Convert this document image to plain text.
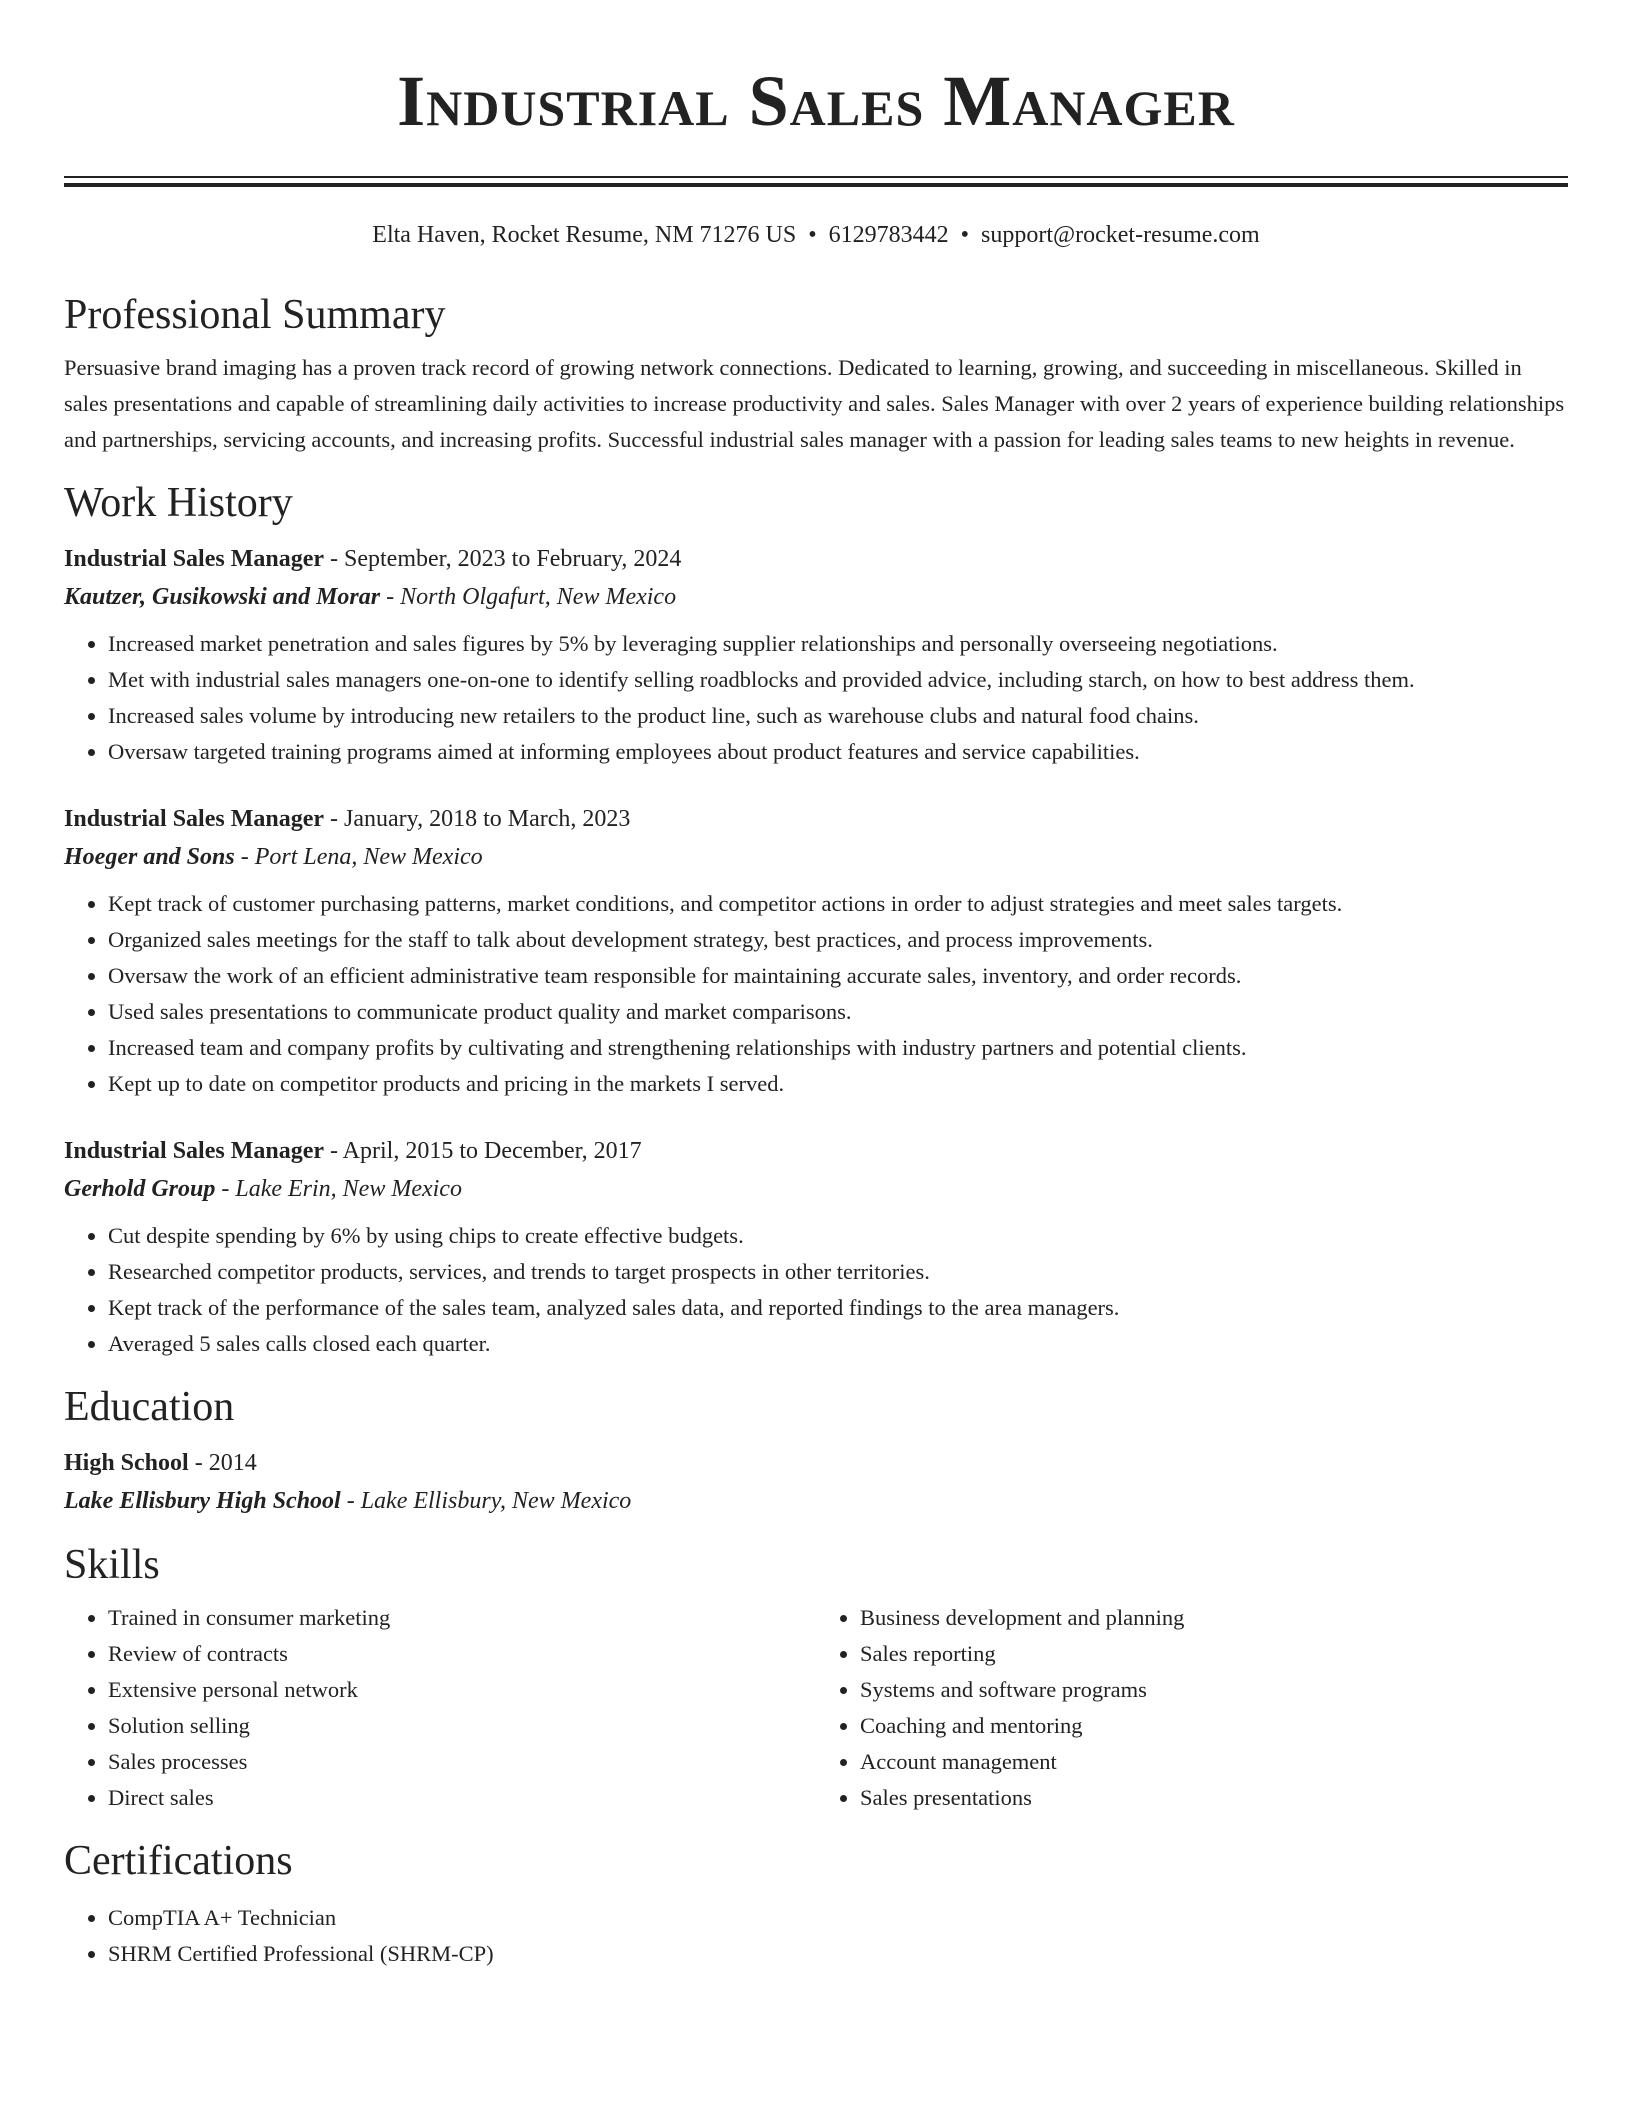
Industrial Sales Manager
Elta Haven, Rocket Resume, NM 71276 US • 6129783442 • support@rocket-resume.com
Professional Summary

Persuasive brand imaging has a proven track record of growing network connections. Dedicated to learning, growing, and succeeding in miscellaneous. Skilled in sales presentations and capable of streamlining daily activities to increase productivity and sales. Sales Manager with over 2 years of experience building relationships and partnerships, servicing accounts, and increasing profits. Successful industrial sales manager with a passion for leading sales teams to new heights in revenue.

Work History
Industrial Sales Manager - September, 2023 to February, 2024
Kautzer, Gusikowski and Morar - North Olgafurt, New Mexico
• Increased market penetration and sales figures by 5% by leveraging supplier relationships and personally overseeing negotiations.
• Met with industrial sales managers one-on-one to identify selling roadblocks and provided advice, including starch, on how to best address them.
• Increased sales volume by introducing new retailers to the product line, such as warehouse clubs and natural food chains.
• Oversaw targeted training programs aimed at informing employees about product features and service capabilities.
Industrial Sales Manager - January, 2018 to March, 2023
Hoeger and Sons - Port Lena, New Mexico
• Kept track of customer purchasing patterns, market conditions, and competitor actions in order to adjust strategies and meet sales targets.
• Organized sales meetings for the staff to talk about development strategy, best practices, and process improvements.
• Oversaw the work of an efficient administrative team responsible for maintaining accurate sales, inventory, and order records.
• Used sales presentations to communicate product quality and market comparisons.
• Increased team and company profits by cultivating and strengthening relationships with industry partners and potential clients.
• Kept up to date on competitor products and pricing in the markets I served.
Industrial Sales Manager - April, 2015 to December, 2017
Gerhold Group - Lake Erin, New Mexico
• Cut despite spending by 6% by using chips to create effective budgets.
• Researched competitor products, services, and trends to target prospects in other territories.
• Kept track of the performance of the sales team, analyzed sales data, and reported findings to the area managers.
• Averaged 5 sales calls closed each quarter.
Education
High School - 2014
Lake Ellisbury High School - Lake Ellisbury, New Mexico
Skills
• Trained in consumer marketing
• Review of contracts
• Extensive personal network
• Solution selling
• Sales processes
• Direct sales
• Business development and planning
• Sales reporting
• Systems and software programs
• Coaching and mentoring
• Account management
• Sales presentations
Certifications
• CompTIA A+ Technician
• SHRM Certified Professional (SHRM-CP)
